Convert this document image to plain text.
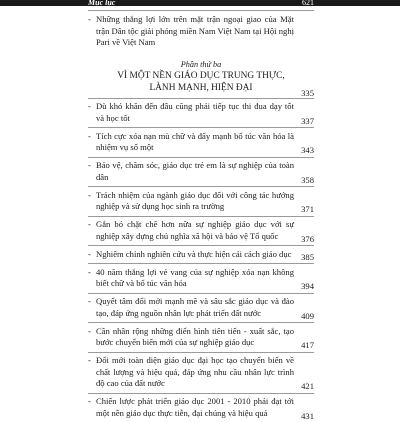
Mục lục	621
- Những thắng lợi lớn trên mặt trận ngoại giao của Mặt trận Dân tộc giải phóng miền Nam Việt Nam tại Hội nghị Pari về Việt Nam
Phần thứ ba
VÌ MỘT NỀN GIÁO DỤC TRUNG THỰC,
LÀNH MẠNH, HIỆN ĐẠI	335
- Dù khó khăn đến đâu cũng phải tiếp tục thi đua dạy tốt và học tốt	337
- Tích cực xóa nạn mù chữ và đẩy mạnh bổ túc văn hóa là nhiệm vụ số một	343
- Bảo vệ, chăm sóc, giáo dục trẻ em là sự nghiệp của toàn dân	358
- Trách nhiệm của ngành giáo dục đối với công tác hướng nghiệp và sử dụng học sinh ra trường	371
- Gắn bó chặt chẽ hơn nữa sự nghiệp giáo dục với sự nghiệp xây dựng chủ nghĩa xã hội và bảo vệ Tổ quốc	376
- Nghiêm chỉnh nghiên cứu và thực hiện cải cách giáo dục 385
- 40 năm thắng lợi vẻ vang của sự nghiệp xóa nạn không biết chữ và bổ túc văn hóa	394
- Quyết tâm đổi mới mạnh mẽ và sâu sắc giáo dục và đào tạo, đáp ứng nguồn nhân lực phát triển đất nước	409
- Cần nhân rộng những điển hình tiên tiến - xuất sắc, tạo bước chuyển biến mới của sự nghiệp giáo dục	417
- Đổi mới toàn diện giáo dục đại học tạo chuyển biến về chất lượng và hiệu quả, đáp ứng nhu cầu nhân lực trình độ cao của đất nước	421
- Chiến lược phát triển giáo dục 2001 - 2010 phải đạt tới một nền giáo dục thực tiễn, đại chúng và hiệu quả	431
